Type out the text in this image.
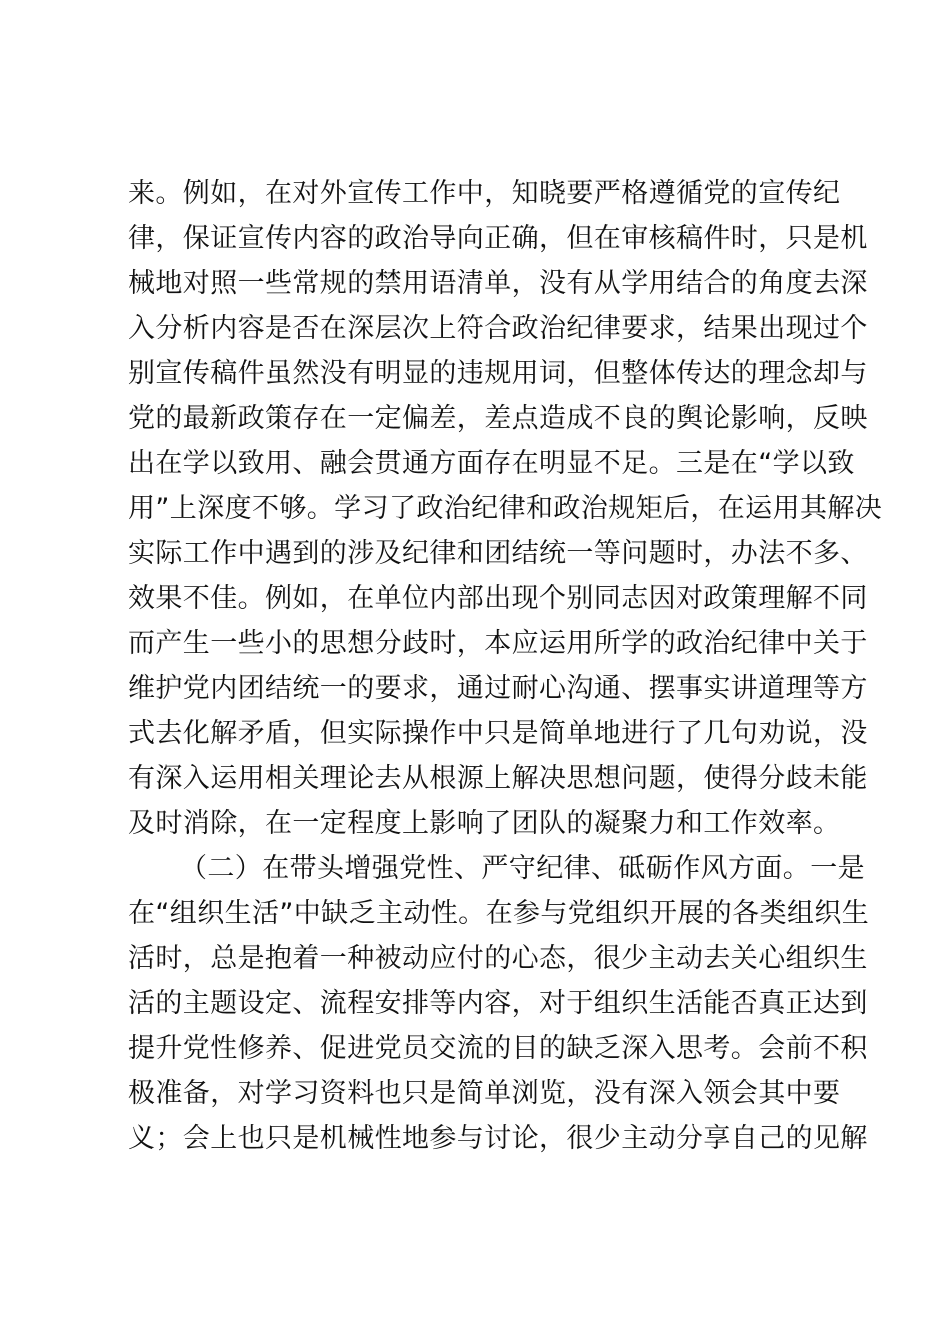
来。例如，在对外宣传工作中，知晓要严格遵循党的宣传纪
律，保证宣传内容的政治导向正确，但在审核稿件时，只是机
械地对照一些常规的禁用语清单，没有从学用结合的角度去深
入分析内容是否在深层次上符合政治纪律要求，结果出现过个
别宣传稿件虽然没有明显的违规用词，但整体传达的理念却与
党的最新政策存在一定偏差，差点造成不良的舆论影响，反映
出在学以致用、融会贯通方面存在明显不足。三是在“学以致
用”上深度不够。学习了政治纪律和政治规矩后，在运用其解决
实际工作中遇到的涉及纪律和团结统一等问题时，办法不多、
效果不佳。例如，在单位内部出现个别同志因对政策理解不同
而产生一些小的思想分歧时，本应运用所学的政治纪律中关于
维护党内团结统一的要求，通过耐心沟通、摆事实讲道理等方
式去化解矛盾，但实际操作中只是简单地进行了几句劝说，没
有深入运用相关理论去从根源上解决思想问题，使得分歧未能
及时消除，在一定程度上影响了团队的凝聚力和工作效率。
（二）在带头增强党性、严守纪律、砥砺作风方面。一是
在“组织生活”中缺乏主动性。在参与党组织开展的各类组织生
活时，总是抱着一种被动应付的心态，很少主动去关心组织生
活的主题设定、流程安排等内容，对于组织生活能否真正达到
提升党性修养、促进党员交流的目的缺乏深入思考。会前不积
极准备，对学习资料也只是简单浏览，没有深入领会其中要
义；会上也只是机械性地参与讨论，很少主动分享自己的见解
